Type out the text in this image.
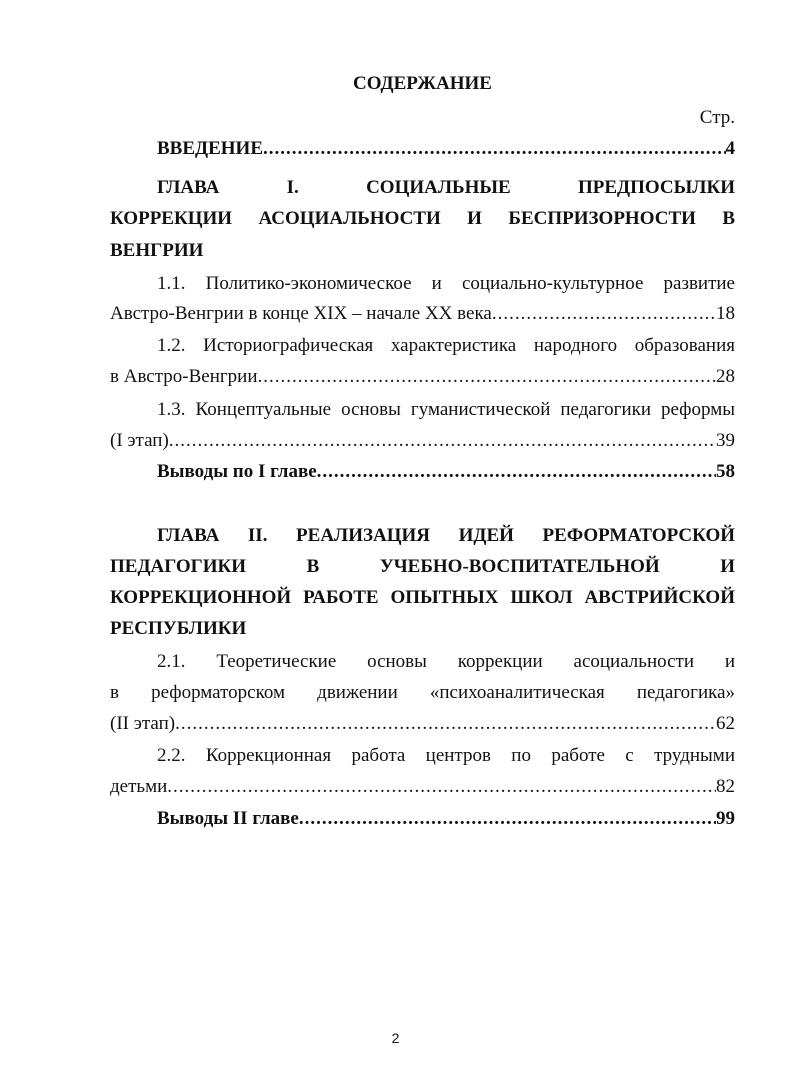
СОДЕРЖАНИЕ
Стр.
ВВЕДЕНИЕ .....	4
ГЛАВА I. СОЦИАЛЬНЫЕ ПРЕДПОСЫЛКИ
КОРРЕКЦИИ АСОЦИАЛЬНОСТИ И БЕСПРИЗОРНОСТИ В
ВЕНГРИИ
1.1. Политико-экономическое и социально-культурное развитие
Австро-Венгрии в конце XIX – начале XX века .....	18
1.2. Историографическая характеристика народного образования
в Австро-Венгрии .....	28
1.3. Концептуальные основы гуманистической педагогики реформы
(I этап) .....	39
Выводы по I главе .....	58
ГЛАВА II. РЕАЛИЗАЦИЯ ИДЕЙ РЕФОРМАТОРСКОЙ
ПЕДАГОГИКИ В УЧЕБНО-ВОСПИТАТЕЛЬНОЙ И
КОРРЕКЦИОННОЙ РАБОТЕ ОПЫТНЫХ ШКОЛ АВСТРИЙСКОЙ
РЕСПУБЛИКИ
2.1. Теоретические основы коррекции асоциальности и
в реформаторском движении «психоаналитическая педагогика»
(II этап) .....	62
2.2. Коррекционная работа центров по работе с трудными
детьми .....	82
Выводы II главе .....	99
2
